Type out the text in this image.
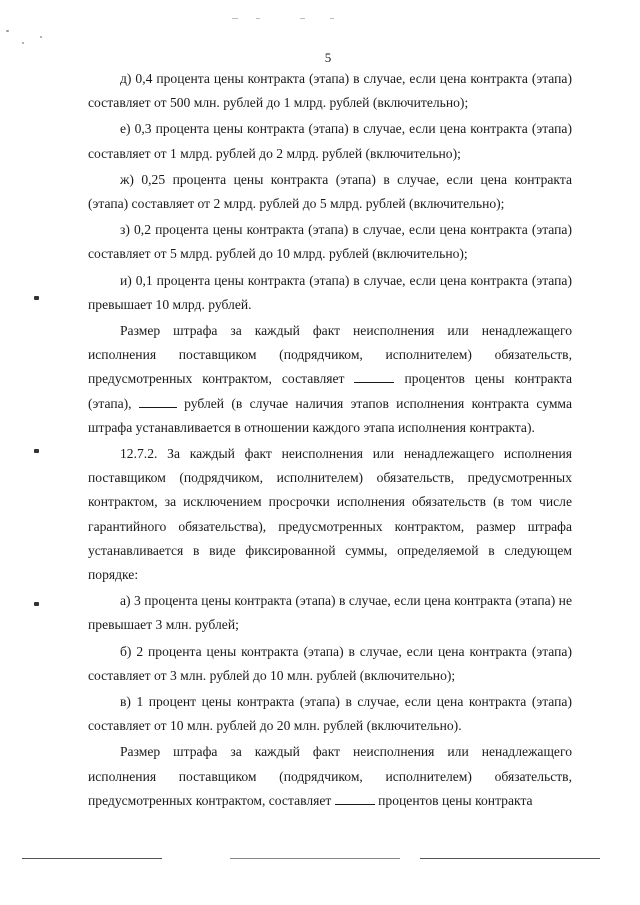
5

д) 0,4 процента цены контракта (этапа) в случае, если цена контракта (этапа) составляет от 500 млн. рублей до 1 млрд. рублей (включительно);

е) 0,3 процента цены контракта (этапа) в случае, если цена контракта (этапа) составляет от 1 млрд. рублей до 2 млрд. рублей (включительно);

ж) 0,25 процента цены контракта (этапа) в случае, если цена контракта (этапа) составляет от 2 млрд. рублей до 5 млрд. рублей (включительно);

з) 0,2 процента цены контракта (этапа) в случае, если цена контракта (этапа) составляет от 5 млрд. рублей до 10 млрд. рублей (включительно);

и) 0,1 процента цены контракта (этапа) в случае, если цена контракта (этапа) превышает 10 млрд. рублей.

Размер штрафа за каждый факт неисполнения или ненадлежащего исполнения поставщиком (подрядчиком, исполнителем) обязательств, предусмотренных контрактом, составляет	процентов цены контракта (этапа),	рублей (в случае наличия этапов исполнения контракта сумма штрафа устанавливается в отношении каждого этапа исполнения контракта).

12.7.2. За каждый факт неисполнения или ненадлежащего исполнения поставщиком (подрядчиком, исполнителем) обязательств, предусмотренных контрактом, за исключением просрочки исполнения обязательств (в том числе гарантийного обязательства), предусмотренных контрактом, размер штрафа устанавливается в виде фиксированной суммы, определяемой в следующем порядке:

а) 3 процента цены контракта (этапа) в случае, если цена контракта (этапа) не превышает 3 млн. рублей;

б) 2 процента цены контракта (этапа) в случае, если цена контракта (этапа) составляет от 3 млн. рублей до 10 млн. рублей (включительно);

в) 1 процент цены контракта (этапа) в случае, если цена контракта (этапа) составляет от 10 млн. рублей до 20 млн. рублей (включительно).

Размер штрафа за каждый факт неисполнения или ненадлежащего исполнения поставщиком (подрядчиком, исполнителем) обязательств, предусмотренных контрактом, составляет	процентов цены контракта
